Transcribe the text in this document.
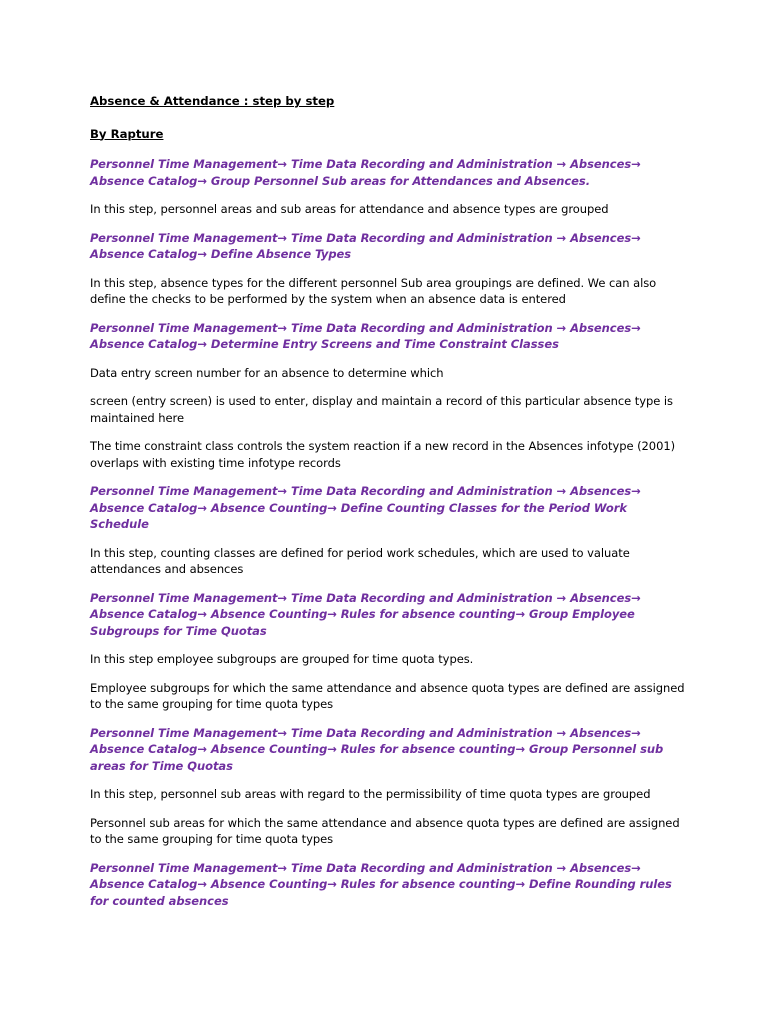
Absence & Attendance : step by step

By Rapture

Personnel Time Management→ Time Data Recording and Administration → Absences→ Absence Catalog→ Group Personnel Sub areas for Attendances and Absences.

In this step, personnel areas and sub areas for attendance and absence types are grouped

Personnel Time Management→ Time Data Recording and Administration → Absences→ Absence Catalog→ Define Absence Types

In this step, absence types for the different personnel Sub area groupings are defined. We can also define the checks to be performed by the system when an absence data is entered

Personnel Time Management→ Time Data Recording and Administration → Absences→ Absence Catalog→ Determine Entry Screens and Time Constraint Classes

Data entry screen number for an absence to determine which

screen (entry screen) is used to enter, display and maintain a record of this particular absence type is maintained here

The time constraint class controls the system reaction if a new record in the Absences infotype (2001) overlaps with existing time infotype records

Personnel Time Management→ Time Data Recording and Administration → Absences→ Absence Catalog→ Absence Counting→ Define Counting Classes for the Period Work Schedule

In this step, counting classes are defined for period work schedules, which are used to valuate attendances and absences

Personnel Time Management→ Time Data Recording and Administration → Absences→ Absence Catalog→ Absence Counting→ Rules for absence counting→ Group Employee Subgroups for Time Quotas

In this step employee subgroups are grouped for time quota types.

Employee subgroups for which the same attendance and absence quota types are defined are assigned to the same grouping for time quota types

Personnel Time Management→ Time Data Recording and Administration → Absences→ Absence Catalog→ Absence Counting→ Rules for absence counting→ Group Personnel sub areas for Time Quotas

In this step, personnel sub areas with regard to the permissibility of time quota types are grouped

Personnel sub areas for which the same attendance and absence quota types are defined are assigned to the same grouping for time quota types

Personnel Time Management→ Time Data Recording and Administration → Absences→ Absence Catalog→ Absence Counting→ Rules for absence counting→ Define Rounding rules for counted absences
